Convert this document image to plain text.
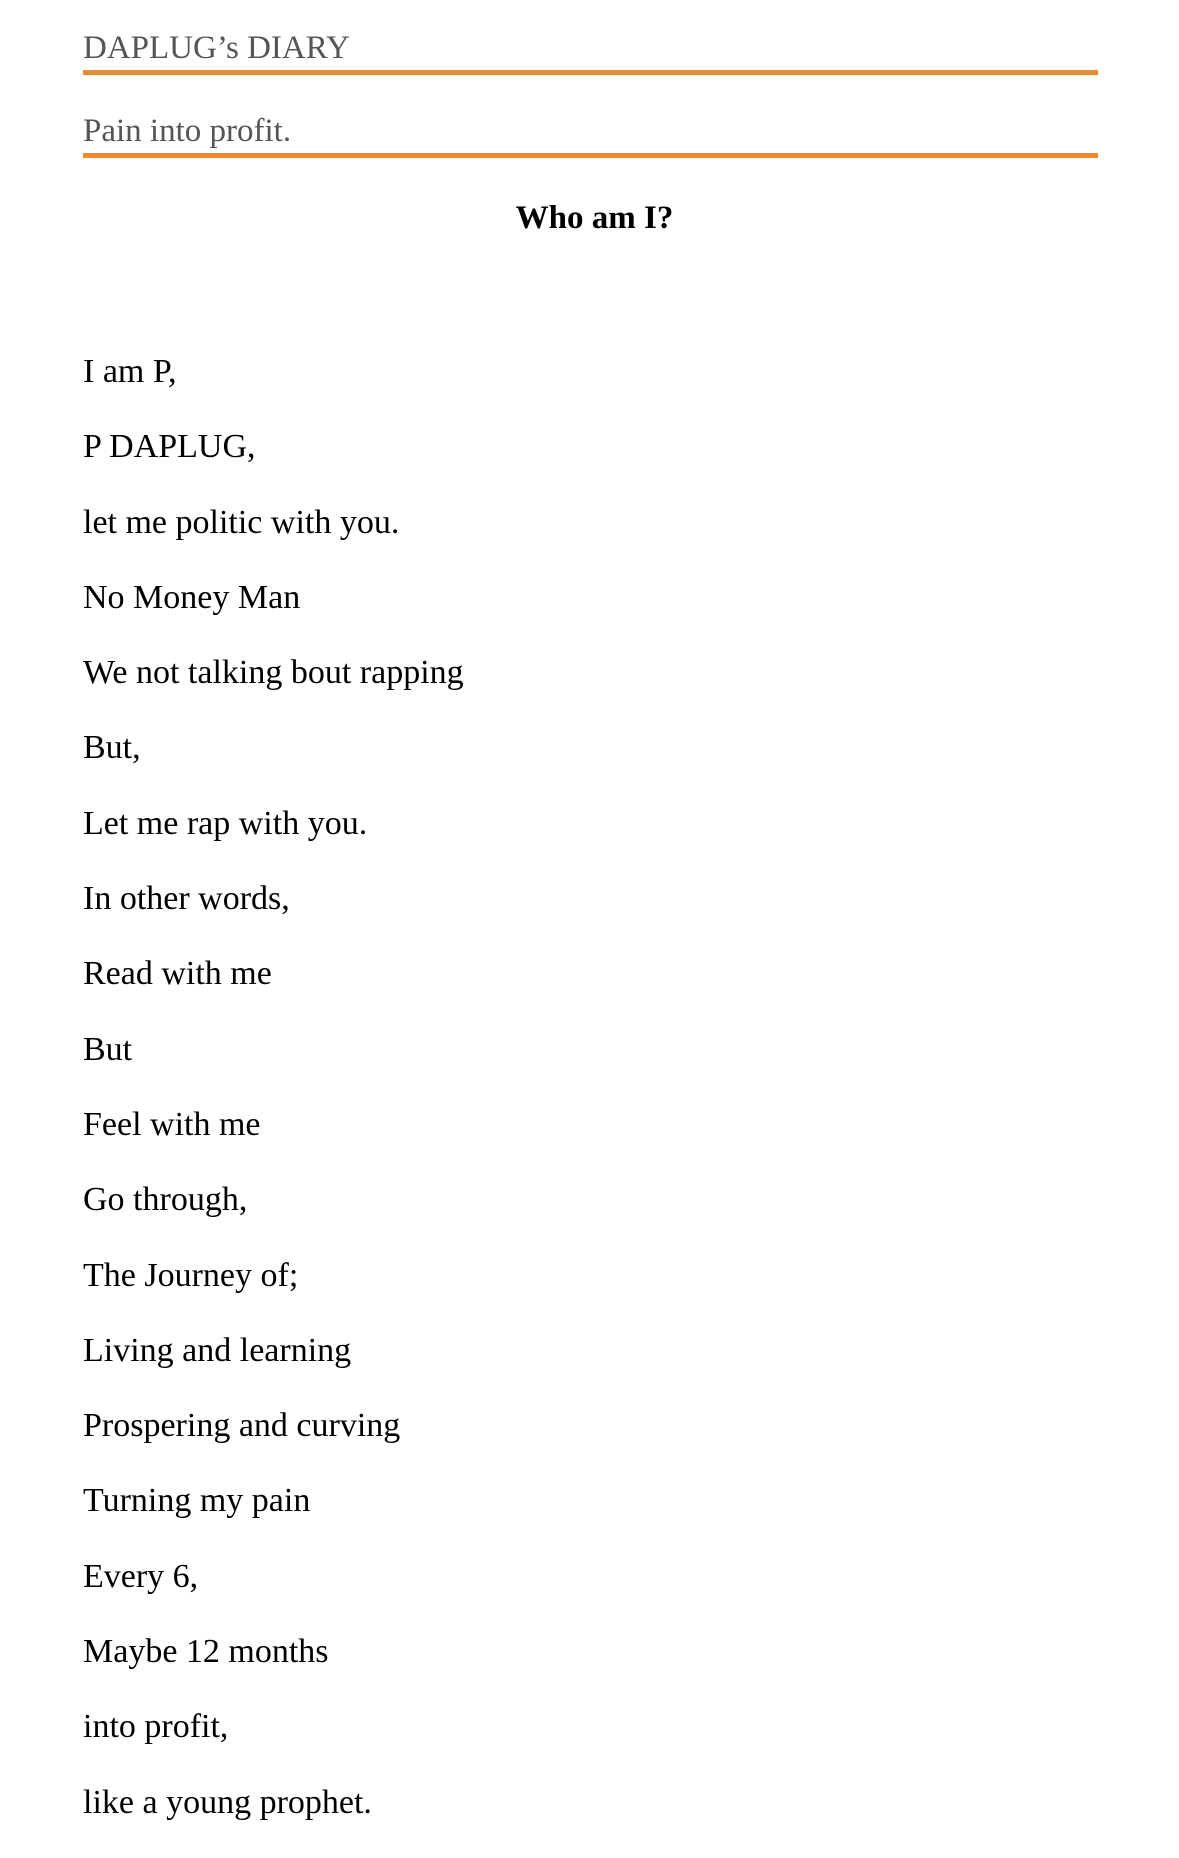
DAPLUG’s DIARY
Pain into profit.
Who am I?
I am P,
P DAPLUG,
let me politic with you.
No Money Man
We not talking bout rapping
But,
Let me rap with you.
In other words,
Read with me
But
Feel with me
Go through,
The Journey of;
Living and learning
Prospering and curving
Turning my pain
Every 6,
Maybe 12 months
into profit,
like a young prophet.
